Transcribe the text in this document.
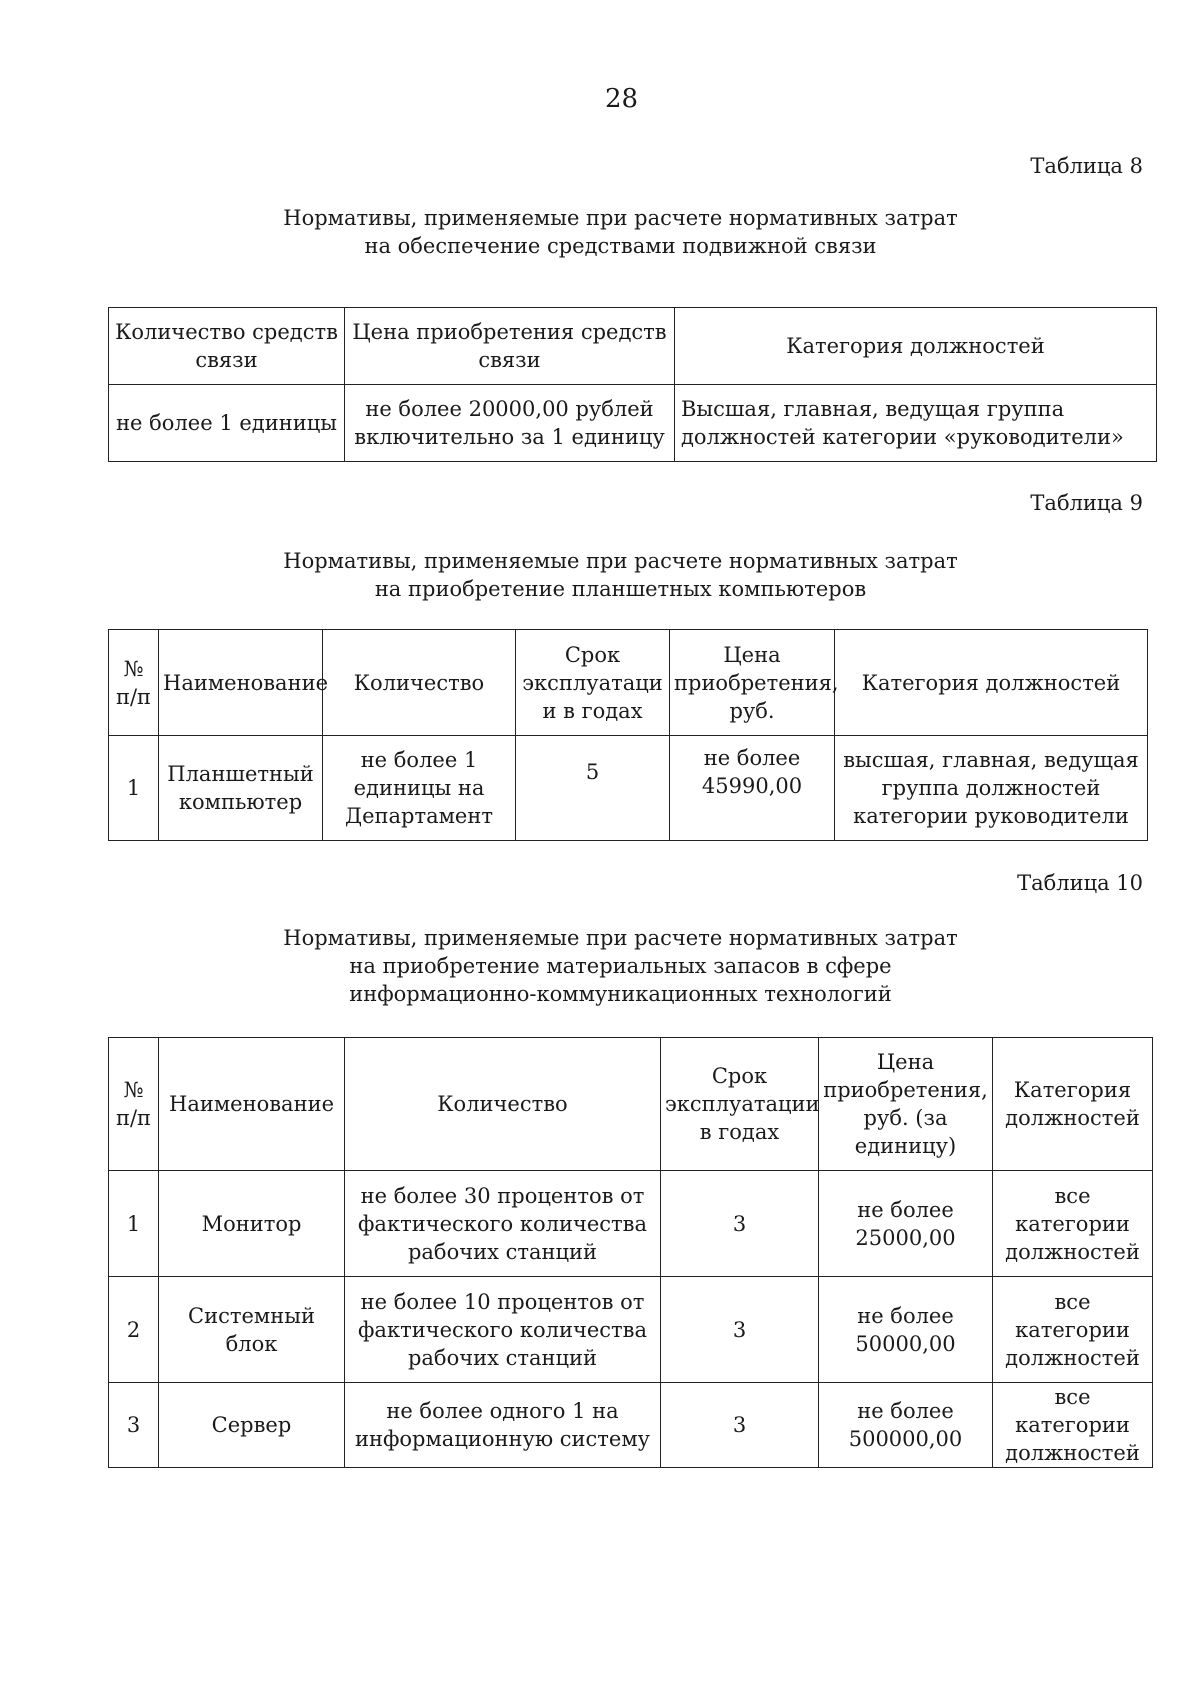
28
Таблица 8
Нормативы, применяемые при расчете нормативных затрат
на обеспечение средствами подвижной связи
Количество средств связи	Цена приобретения средств связи	Категория должностей
не более 1 единицы	не более 20000,00 рублей включительно за 1 единицу	Высшая, главная, ведущая группа должностей категории «руководители»
Таблица 9
Нормативы, применяемые при расчете нормативных затрат
на приобретение планшетных компьютеров
№ п/п	Наименование	Количество	Срок эксплуатаци и в годах	Цена приобретения, руб.	Категория должностей
1	Планшетный компьютер	не более 1 единицы на Департамент	5	не более 45990,00	высшая, главная, ведущая группа должностей категории руководители
Таблица 10
Нормативы, применяемые при расчете нормативных затрат
на приобретение материальных запасов в сфере
информационно-коммуникационных технологий
№ п/п	Наименование	Количество	Срок эксплуатации в годах	Цена приобретения, руб. (за единицу)	Категория должностей
1	Монитор	не более 30 процентов от фактического количества рабочих станций	3	не более 25000,00	все категории должностей
2	Системный блок	не более 10 процентов от фактического количества рабочих станций	3	не более 50000,00	все категории должностей
3	Сервер	не более одного 1 на информационную систему	3	не более 500000,00	все категории должностей
